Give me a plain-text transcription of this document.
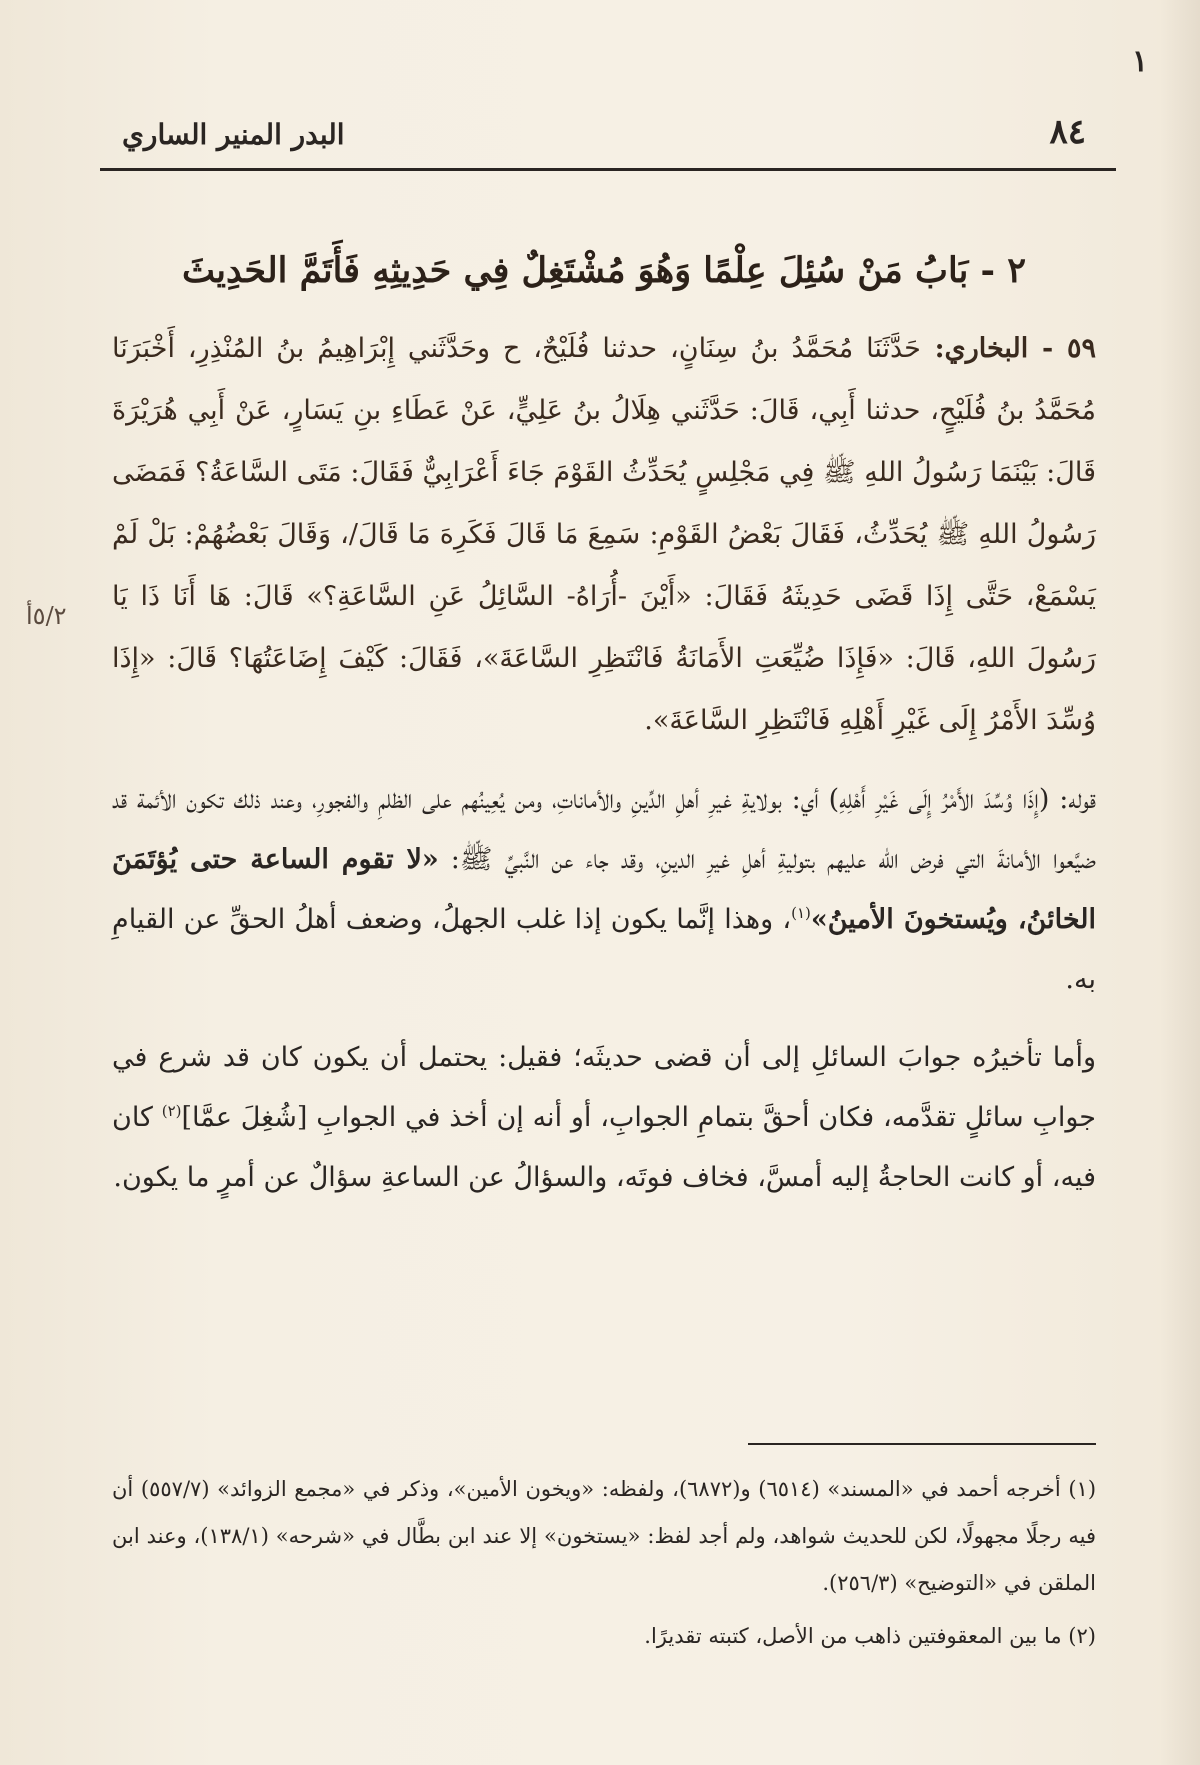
١
٨٤
البدر المنير الساري
٥/٢أ
٢ - بَابُ مَنْ سُئِلَ عِلْمًا وَهُوَ مُشْتَغِلٌ فِي حَدِيثِهِ فَأَتَمَّ الحَدِيثَ

٥٩ - البخاري: حَدَّثَنَا مُحَمَّدُ بنُ سِنَانٍ، حدثنا فُلَيْحٌ، ح وحَدَّثَني إِبْرَاهِيمُ بنُ المُنْذِرِ، أَخْبَرَنَا مُحَمَّدُ بنُ فُلَيْحٍ، حدثنا أَبِي، قَالَ: حَدَّثَني هِلَالُ بنُ عَلِيٍّ، عَنْ عَطَاءِ بنِ يَسَارٍ، عَنْ أَبِي هُرَيْرَةَ قَالَ: بَيْنَمَا رَسُولُ اللهِ ﷺ فِي مَجْلِسٍ يُحَدِّثُ القَوْمَ جَاءَ أَعْرَابِيٌّ فَقَالَ: مَتَى السَّاعَةُ؟ فَمَضَى رَسُولُ اللهِ ﷺ يُحَدِّثُ، فَقَالَ بَعْضُ القَوْمِ: سَمِعَ مَا قَالَ فَكَرِهَ مَا قَالَ/، وَقَالَ بَعْضُهُمْ: بَلْ لَمْ يَسْمَعْ، حَتَّى إِذَا قَضَى حَدِيثَهُ فَقَالَ: «أَيْنَ -أُرَاهُ- السَّائِلُ عَنِ السَّاعَةِ؟» قَالَ: هَا أَنَا ذَا يَا رَسُولَ اللهِ، قَالَ: «فَإِذَا ضُيِّعَتِ الأَمَانَةُ فَانْتَظِرِ السَّاعَةَ»، فَقَالَ: كَيْفَ إِضَاعَتُهَا؟ قَالَ: «إِذَا وُسِّدَ الأَمْرُ إِلَى غَيْرِ أَهْلِهِ فَانْتَظِرِ السَّاعَةَ».

قوله: (إِذَا وُسِّدَ الأَمْرُ إِلَى غَيْرِ أَهْلِهِ) أي: بولايةِ غيرِ أهلِ الدِّينِ والأماناتِ، ومن يُعِينُهم على الظلمِ والفجورِ، وعند ذلك تكون الأئمة قد ضيَّعوا الأمانةَ التي فرض الله عليهم بتوليةِ أهلِ غيرِ الدينِ، وقد جاء عن النَّبيِّ ﷺ: «لا تقوم الساعة حتى يُؤتَمَنَ الخائنُ، ويُستخونَ الأمينُ»$^{(١)}$، وهذا إنَّما يكون إذا غلب الجهلُ، وضعف أهلُ الحقِّ عن القيامِ به.

وأما تأخيرُه جوابَ السائلِ إلى أن قضى حديثَه؛ فقيل: يحتمل أن يكون كان قد شرع في جوابِ سائلٍ تقدَّمه، فكان أحقَّ بتمامِ الجوابِ، أو أنه إن أخذ في الجوابِ [شُغِلَ عمَّا]$^{(٢)}$ كان فيه، أو كانت الحاجةُ إليه أمسَّ، فخاف فوتَه، والسؤالُ عن الساعةِ سؤالٌ عن أمرٍ ما يكون.

(١) أخرجه أحمد في «المسند» (٦٥١٤) و(٦٨٧٢)، ولفظه: «ويخون الأمين»، وذكر في «مجمع الزوائد» (٥٥٧/٧) أن فيه رجلًا مجهولًا، لكن للحديث شواهد، ولم أجد لفظ: «يستخون» إلا عند ابن بطَّال في «شرحه» (١٣٨/١)، وعند ابن الملقن في «التوضيح» (٢٥٦/٣).

(٢) ما بين المعقوفتين ذاهب من الأصل، كتبته تقديرًا.
